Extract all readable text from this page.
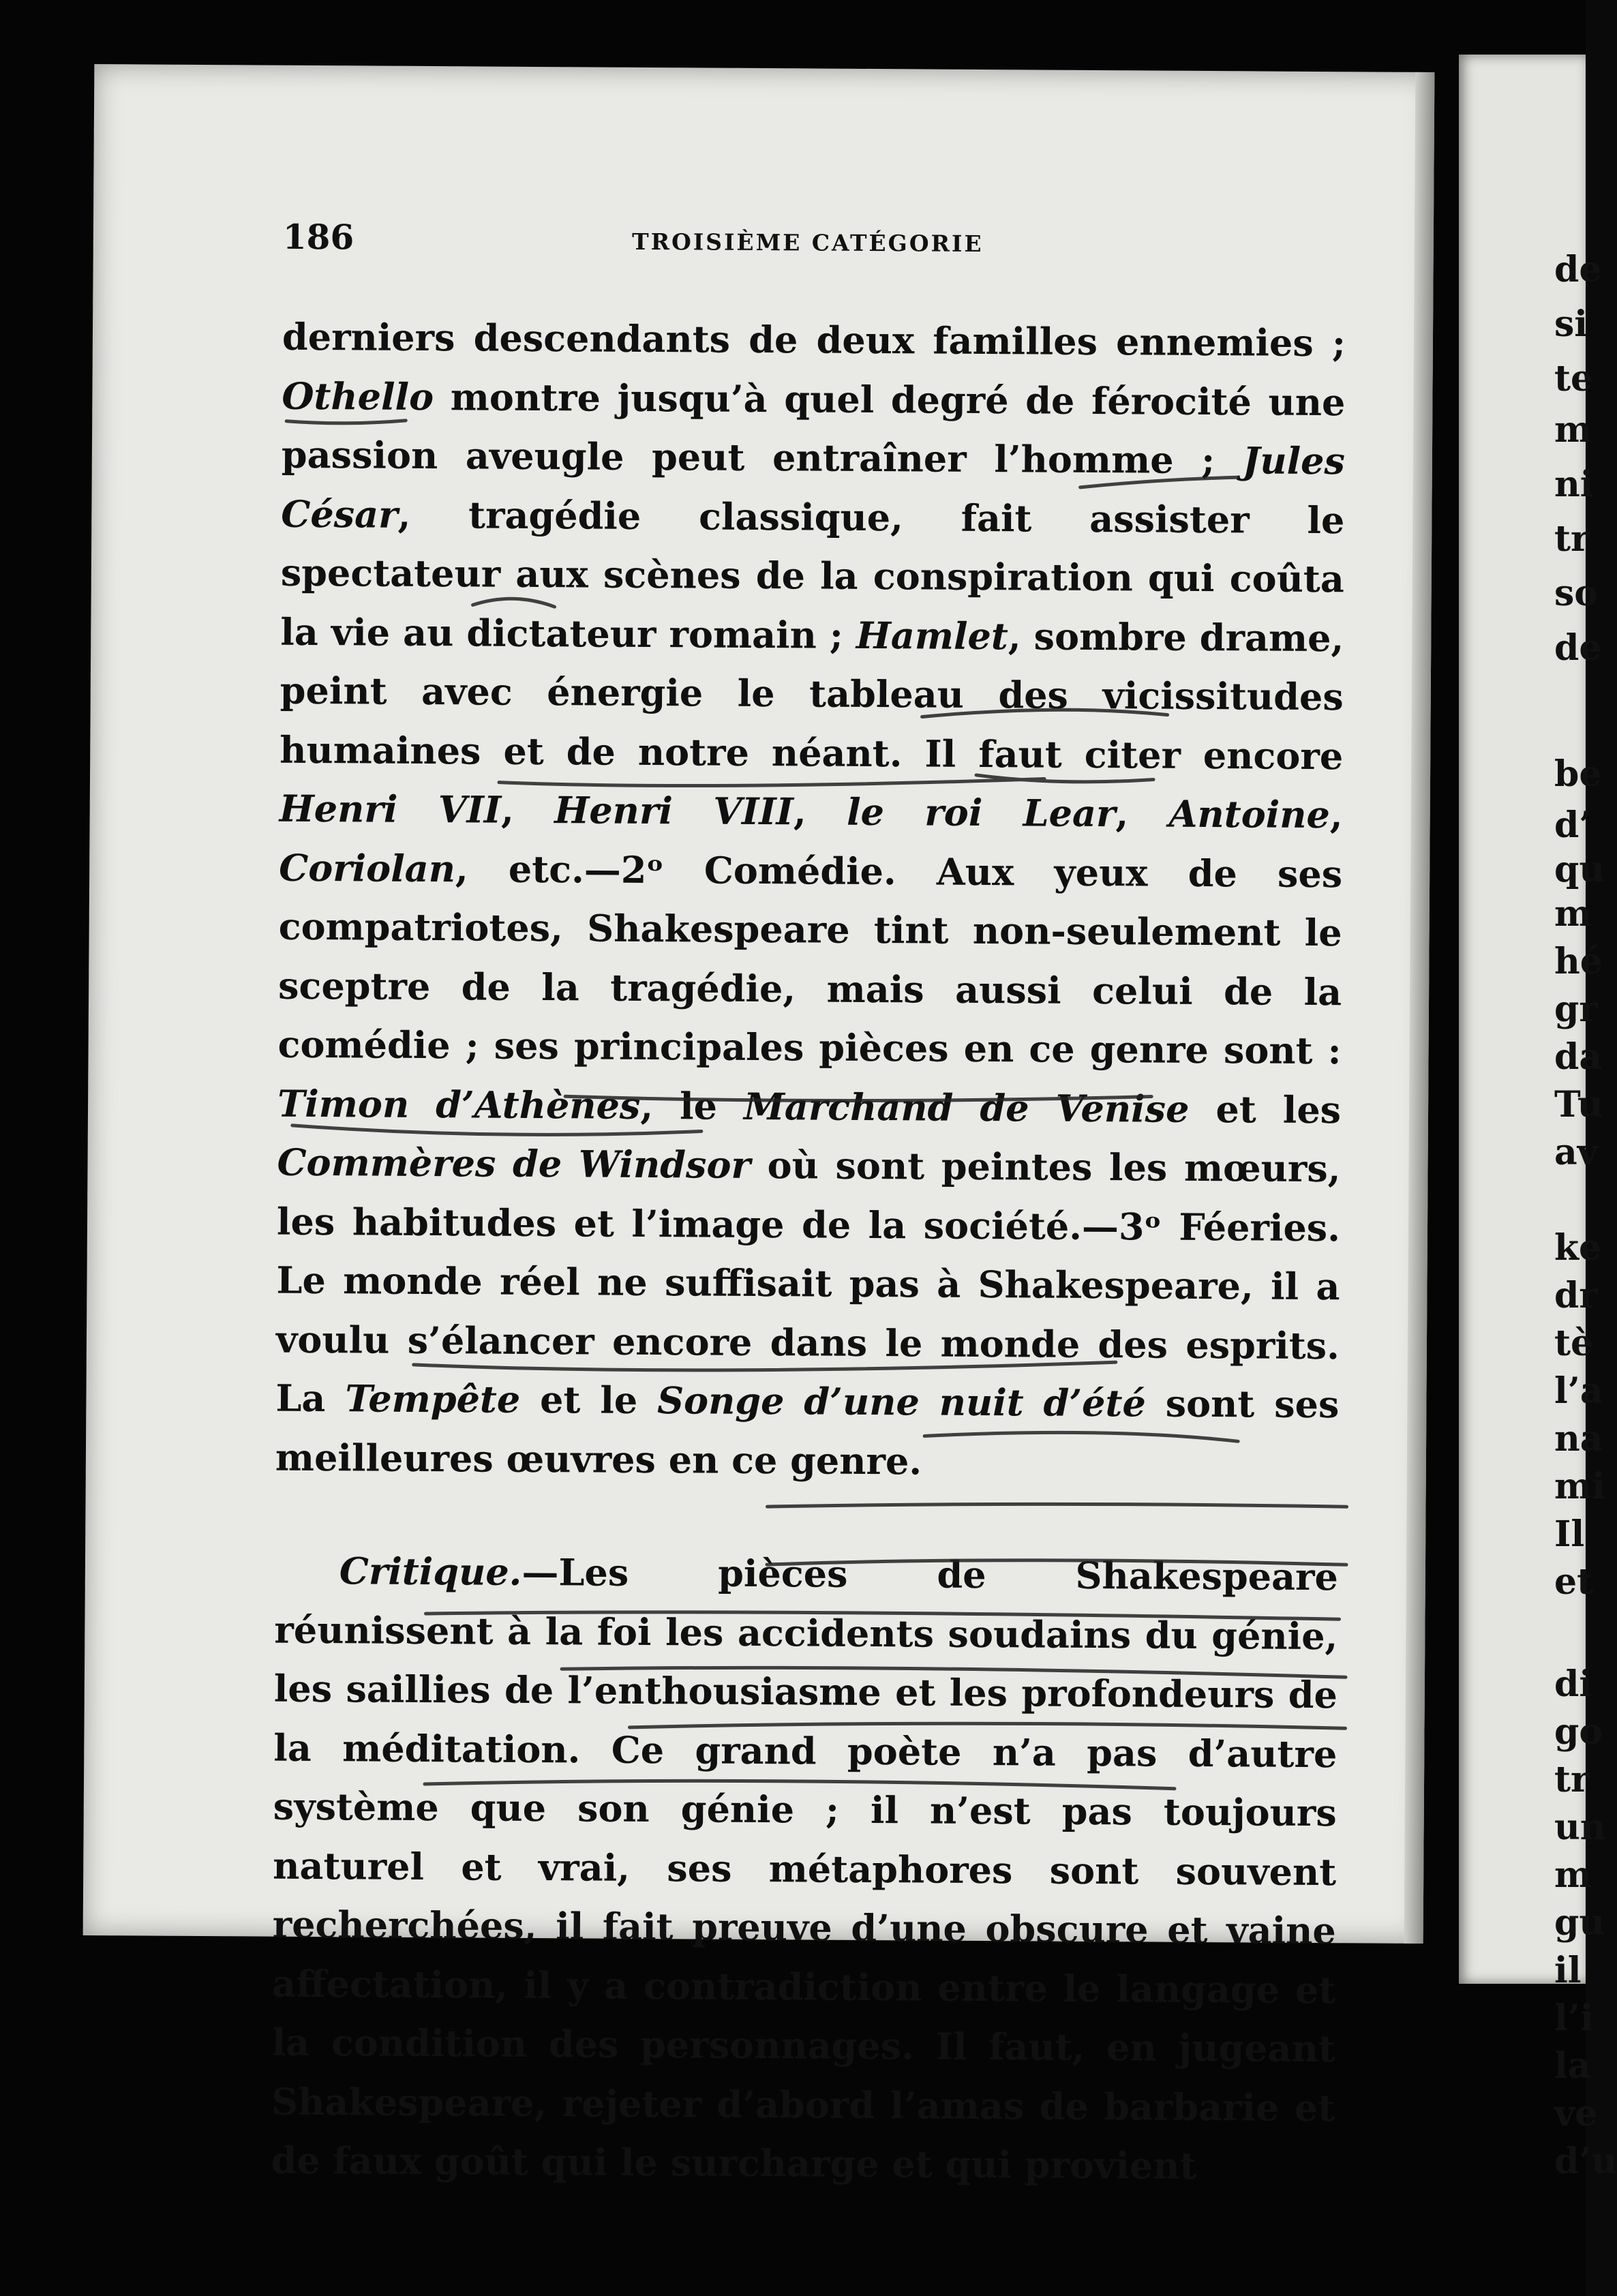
186	TROISIÈME CATÉGORIE

derniers descendants de deux familles ennemies ; Othello montre jusqu’à quel degré de férocité une passion aveugle peut entraîner l’homme ; Jules César, tragédie classique, fait assister le spectateur aux scènes de la conspiration qui coûta la vie au dictateur romain ; Hamlet, sombre drame, peint avec énergie le tableau des vicissitudes humaines et de notre néant. Il faut citer encore Henri VII, Henri VIII, le roi Lear, Antoine, Coriolan, etc.—2ᵒ Comédie. Aux yeux de ses compatriotes, Shakespeare tint non-seulement le sceptre de la tragédie, mais aussi celui de la comédie ; ses principales pièces en ce genre sont : Timon d’Athènes, le Marchand de Venise et les Commères de Windsor où sont peintes les mœurs, les habitudes et l’image de la société.—3ᵒ Féeries. Le monde réel ne suffisait pas à Shakespeare, il a voulu s’élancer encore dans le monde des esprits. La Tempête et le Songe d’une nuit d’été sont ses meilleures œuvres en ce genre.

Critique.—Les pièces de Shakespeare réunissent à la foi les accidents soudains du génie, les saillies de l’enthousiasme et les profondeurs de la méditation. Ce grand poète n’a pas d’autre système que son génie ; il n’est pas toujours naturel et vrai, ses métaphores sont souvent recherchées, il fait preuve d’une obscure et vaine affectation, il y a contradiction entre le langage et la condition des personnages. Il faut, en jugeant Shakespeare, rejeter d’abord l’amas de barbarie et de faux goût qui le surcharge et qui provient

de
si
te
m
ni
tr
so
de
be
d’
qu
m
hé
gr
da
Tu
av
ke
dr
tè
l’a
na
mi
Il
et
di
go
tr
un
m
gu
il
l’i
la
ve
d’u
